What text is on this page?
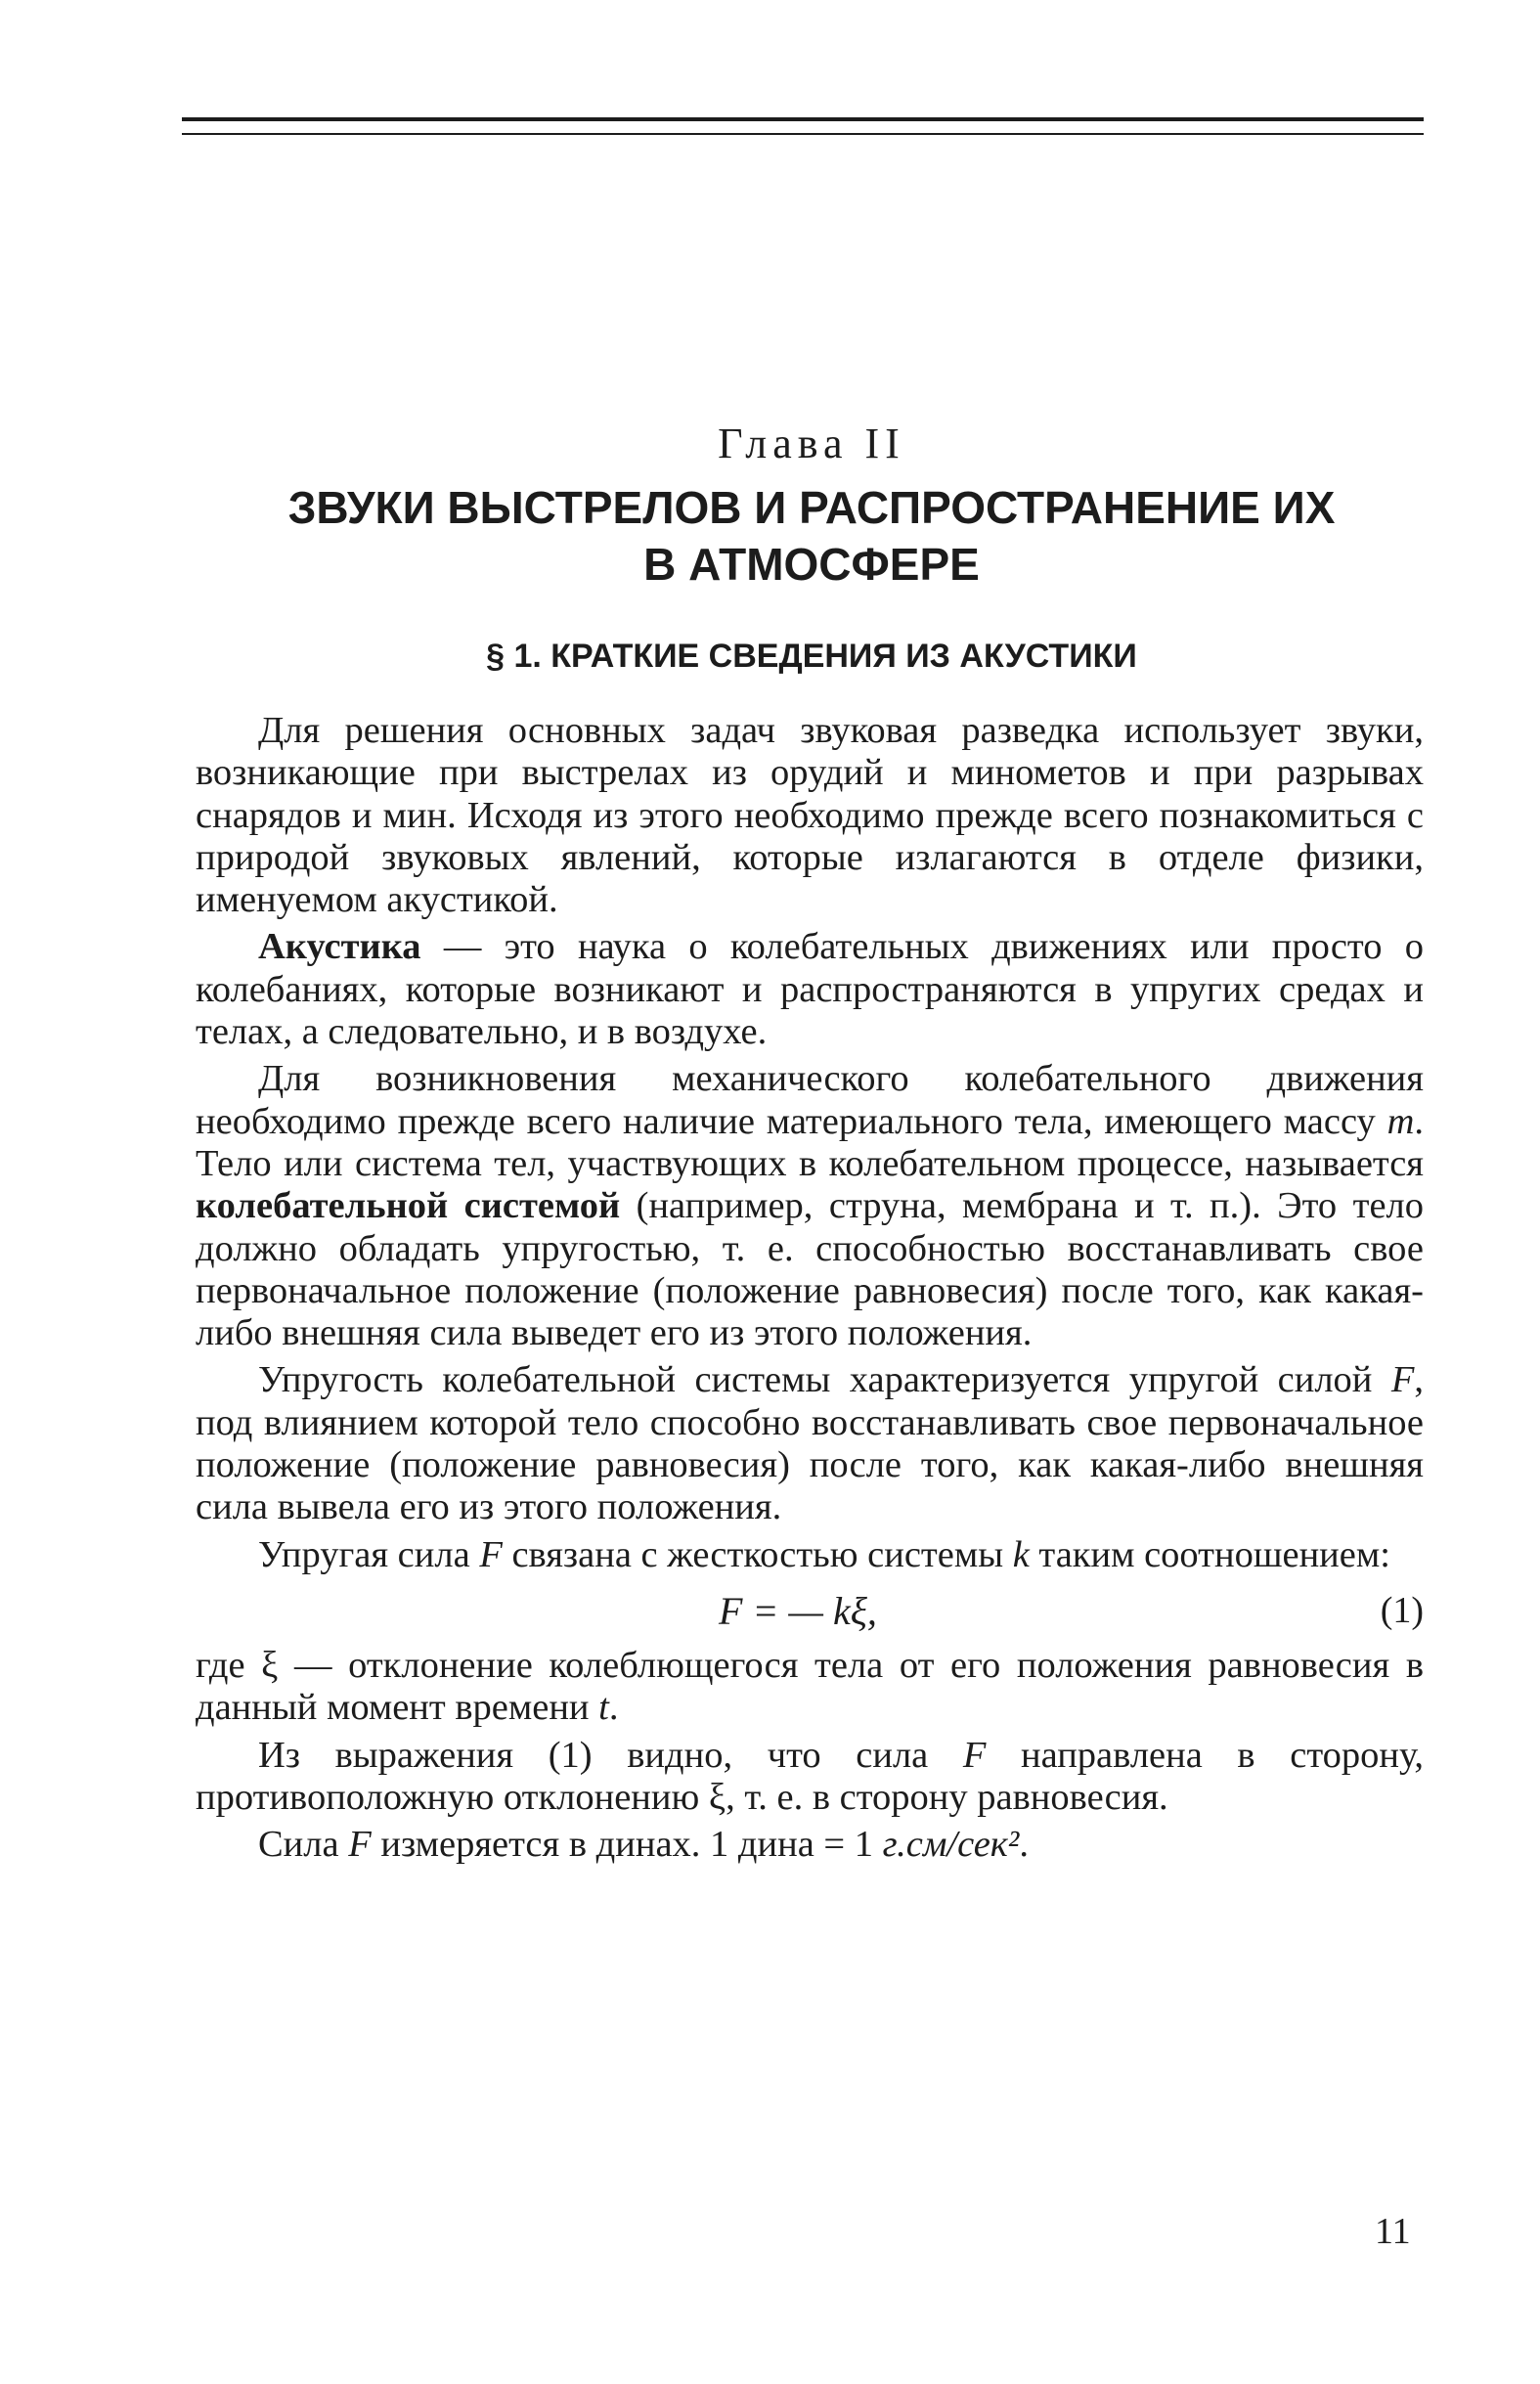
Глава II
ЗВУКИ ВЫСТРЕЛОВ И РАСПРОСТРАНЕНИЕ ИХ
В АТМОСФЕРЕ
§ 1. КРАТКИЕ СВЕДЕНИЯ ИЗ АКУСТИКИ

Для решения основных задач звуковая разведка использует звуки, возникающие при выстрелах из орудий и минометов и при разрывах снарядов и мин. Исходя из этого необходимо прежде всего познакомиться с природой звуковых явлений, которые излагаются в отделе физики, именуемом акустикой.

Акустика — это наука о колебательных движениях или просто о колебаниях, которые возникают и распространяются в упругих средах и телах, а следовательно, и в воздухе.

Для возникновения механического колебательного движения необходимо прежде всего наличие материального тела, имеющего массу m. Тело или система тел, участвующих в колебательном процессе, называется колебательной системой (например, струна, мембрана и т. п.). Это тело должно обладать упругостью, т. е. способностью восстанавливать свое первоначальное положение (положение равновесия) после того, как какая-либо внешняя сила выведет его из этого положения.

Упругость колебательной системы характеризуется упругой силой F, под влиянием которой тело способно восстанавливать свое первоначальное положение (положение равновесия) после того, как какая-либо внешняя сила вывела его из этого положения.

Упругая сила F связана с жесткостью системы k таким соотношением:

F = — kξ,	(1)

где ξ — отклонение колеблющегося тела от его положения равновесия в данный момент времени t.

Из выражения (1) видно, что сила F направлена в сторону, противоположную отклонению ξ, т. е. в сторону равновесия.

Сила F измеряется в динах. 1 дина = 1 г.см/сек².

11
